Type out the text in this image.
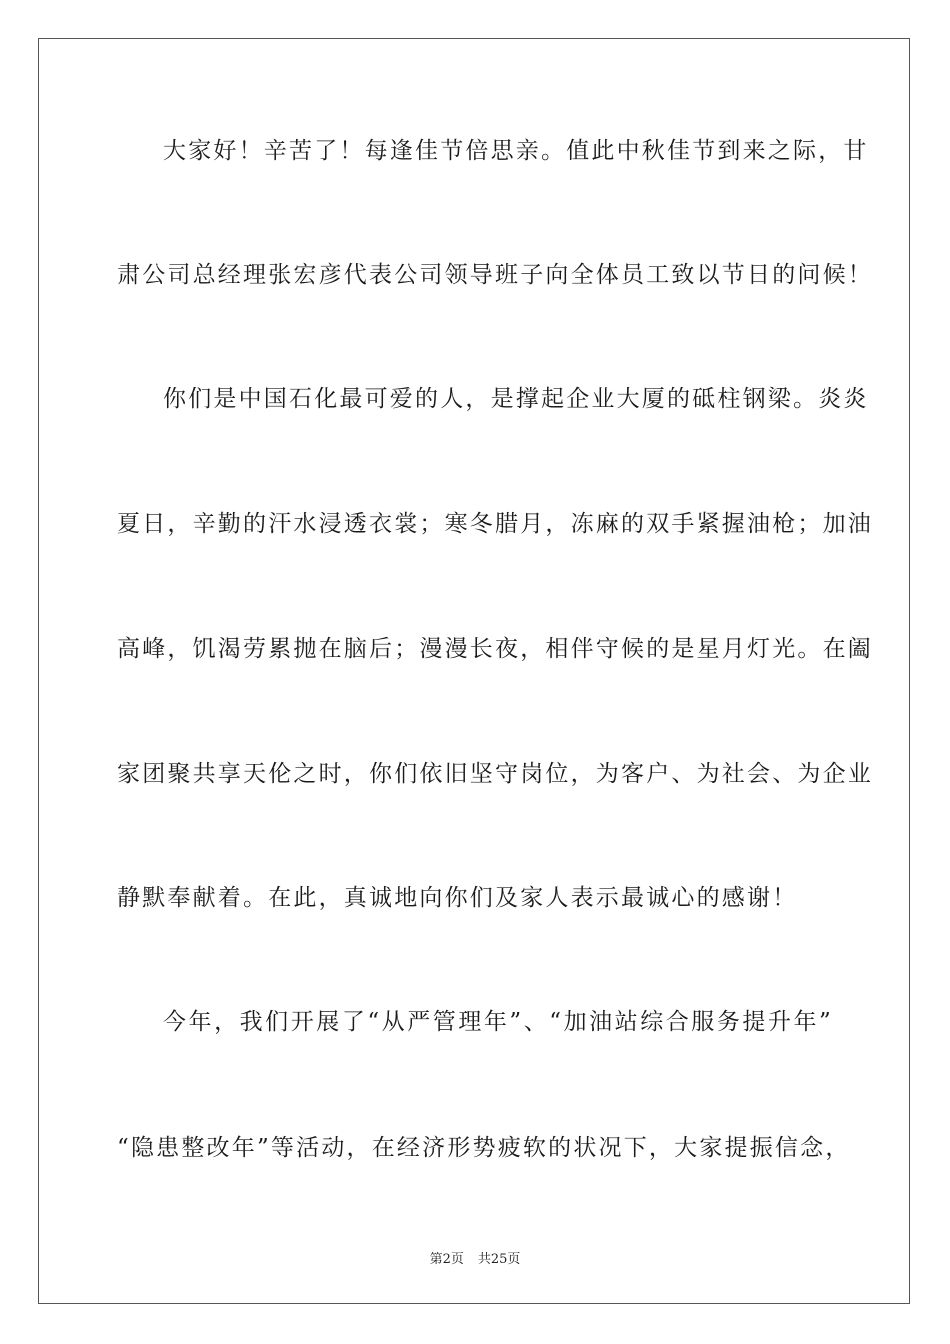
大家好！辛苦了！每逢佳节倍思亲。值此中秋佳节到来之际，甘
肃公司总经理张宏彦代表公司领导班子向全体员工致以节日的问候！
你们是中国石化最可爱的人，是撑起企业大厦的砥柱钢梁。炎炎
夏日，辛勤的汗水浸透衣裳；寒冬腊月，冻麻的双手紧握油枪；加油
高峰，饥渴劳累抛在脑后；漫漫长夜，相伴守候的是星月灯光。在阖
家团聚共享天伦之时，你们依旧坚守岗位，为客户、为社会、为企业
静默奉献着。在此，真诚地向你们及家人表示最诚心的感谢！
今年，我们开展了“从严管理年”、“加油站综合服务提升年”
“隐患整改年”等活动，在经济形势疲软的状况下，大家提振信念，
第2页 共25页
